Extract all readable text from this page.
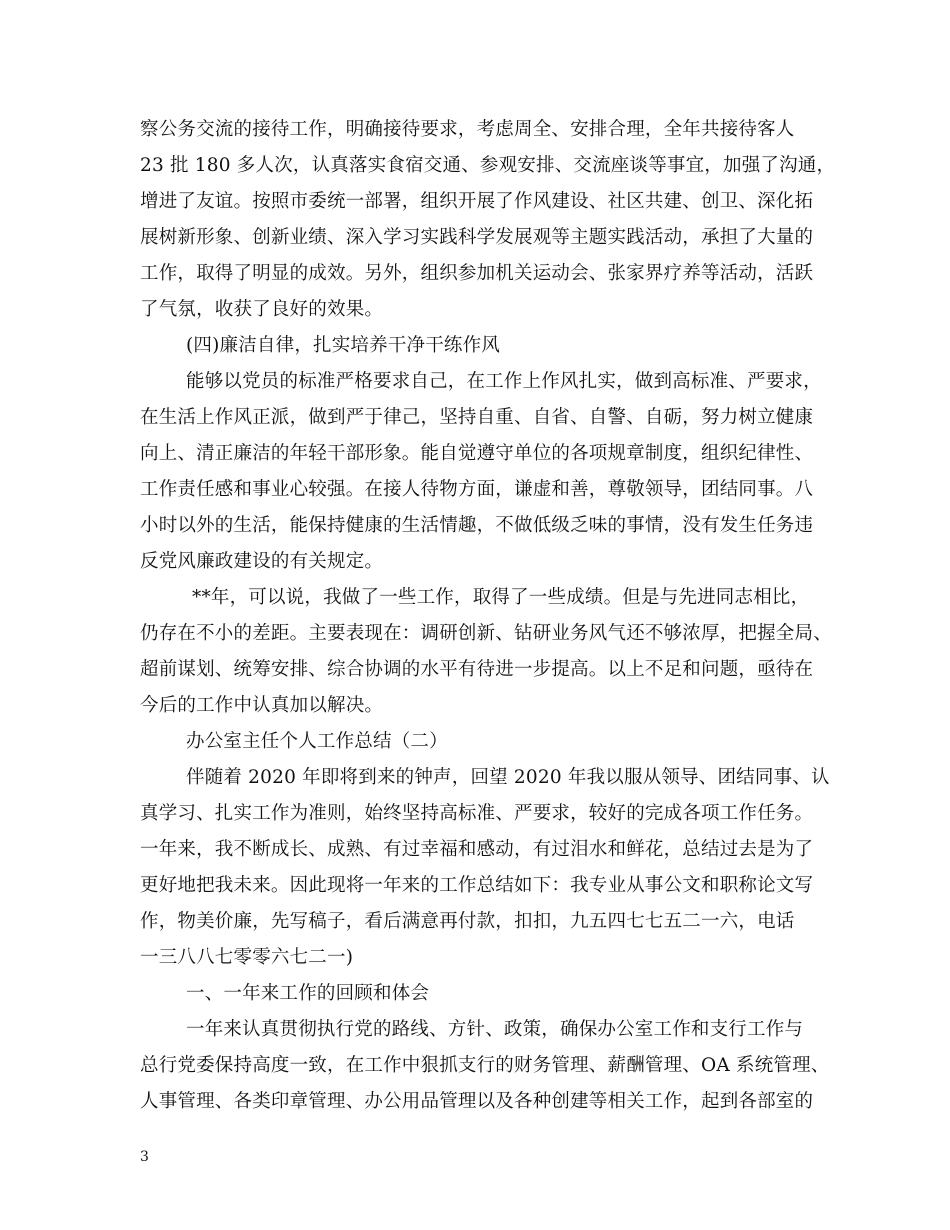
察公务交流的接待工作，明确接待要求，考虑周全、安排合理，全年共接待客人
23 批 180 多人次，认真落实食宿交通、参观安排、交流座谈等事宜，加强了沟通，
增进了友谊。按照市委统一部署，组织开展了作风建设、社区共建、创卫、深化拓
展树新形象、创新业绩、深入学习实践科学发展观等主题实践活动，承担了大量的
工作，取得了明显的成效。另外，组织参加机关运动会、张家界疗养等活动，活跃
了气氛，收获了良好的效果。
(四)廉洁自律，扎实培养干净干练作风
能够以党员的标准严格要求自己，在工作上作风扎实，做到高标准、严要求，
在生活上作风正派，做到严于律己，坚持自重、自省、自警、自砺，努力树立健康
向上、清正廉洁的年轻干部形象。能自觉遵守单位的各项规章制度，组织纪律性、
工作责任感和事业心较强。在接人待物方面，谦虚和善，尊敬领导，团结同事。八
小时以外的生活，能保持健康的生活情趣，不做低级乏味的事情，没有发生任务违
反党风廉政建设的有关规定。
**年，可以说，我做了一些工作，取得了一些成绩。但是与先进同志相比，
仍存在不小的差距。主要表现在：调研创新、钻研业务风气还不够浓厚，把握全局、
超前谋划、统筹安排、综合协调的水平有待进一步提高。以上不足和问题，亟待在
今后的工作中认真加以解决。
办公室主任个人工作总结（二）
伴随着 2020 年即将到来的钟声，回望 2020 年我以服从领导、团结同事、认
真学习、扎实工作为准则，始终坚持高标准、严要求，较好的完成各项工作任务。
一年来，我不断成长、成熟、有过幸福和感动，有过泪水和鲜花，总结过去是为了
更好地把我未来。因此现将一年来的工作总结如下：我专业从事公文和职称论文写
作，物美价廉，先写稿子，看后满意再付款，扣扣，九五四七七五二一六，电话
一三八八七零零六七二一)
一、一年来工作的回顾和体会
一年来认真贯彻执行党的路线、方针、政策，确保办公室工作和支行工作与
总行党委保持高度一致，在工作中狠抓支行的财务管理、薪酬管理、OA 系统管理、
人事管理、各类印章管理、办公用品管理以及各种创建等相关工作，起到各部室的
3
